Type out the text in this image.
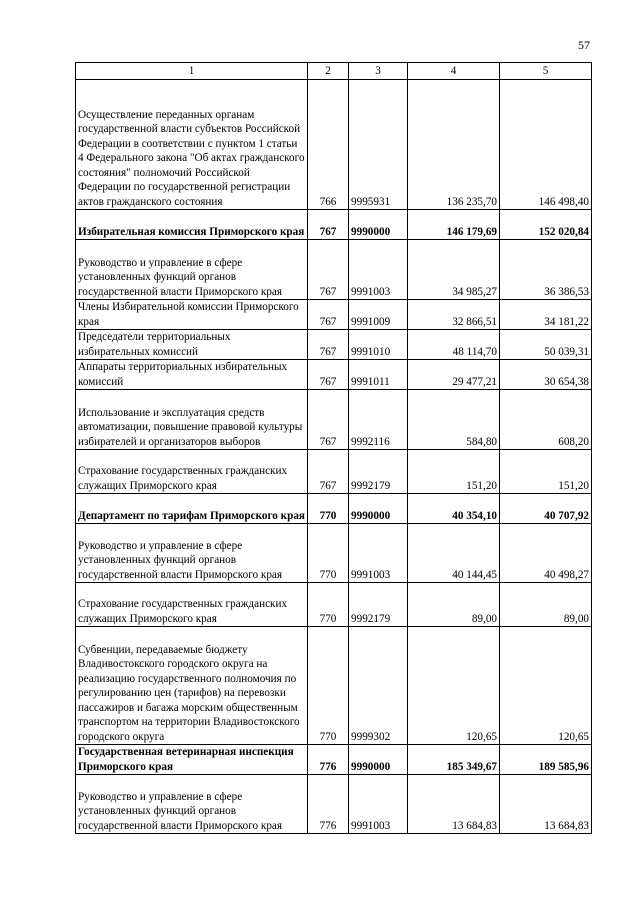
57
1	2	3	4	5
Осуществление переданных органам государственной власти субъектов Российской Федерации в соответствии с пунктом 1 статьи 4 Федерального закона "Об актах гражданского состояния" полномочий Российской Федерации по государственной регистрации актов гражданского состояния	766	9995931	136 235,70	146 498,40
Избирательная комиссия Приморского края	767	9990000	146 179,69	152 020,84
Руководство и управление в сфере установленных функций органов государственной власти Приморского края	767	9991003	34 985,27	36 386,53
Члены Избирательной комиссии Приморского края	767	9991009	32 866,51	34 181,22
Председатели территориальных избирательных комиссий	767	9991010	48 114,70	50 039,31
Аппараты территориальных избирательных комиссий	767	9991011	29 477,21	30 654,38
Использование и эксплуатация средств автоматизации, повышение правовой культуры избирателей и организаторов выборов	767	9992116	584,80	608,20
Страхование государственных гражданских служащих Приморского края	767	9992179	151,20	151,20
Департамент по тарифам Приморского края	770	9990000	40 354,10	40 707,92
Руководство и управление в сфере установленных функций органов государственной власти Приморского края	770	9991003	40 144,45	40 498,27
Страхование государственных гражданских служащих Приморского края	770	9992179	89,00	89,00
Субвенции, передаваемые бюджету Владивостокского городского округа на реализацию государственного полномочия по регулированию цен (тарифов) на перевозки пассажиров и багажа морским общественным транспортом на территории Владивостокского городского округа	770	9999302	120,65	120,65
Государственная ветеринарная инспекция Приморского края	776	9990000	185 349,67	189 585,96
Руководство и управление в сфере установленных функций органов государственной власти Приморского края	776	9991003	13 684,83	13 684,83
